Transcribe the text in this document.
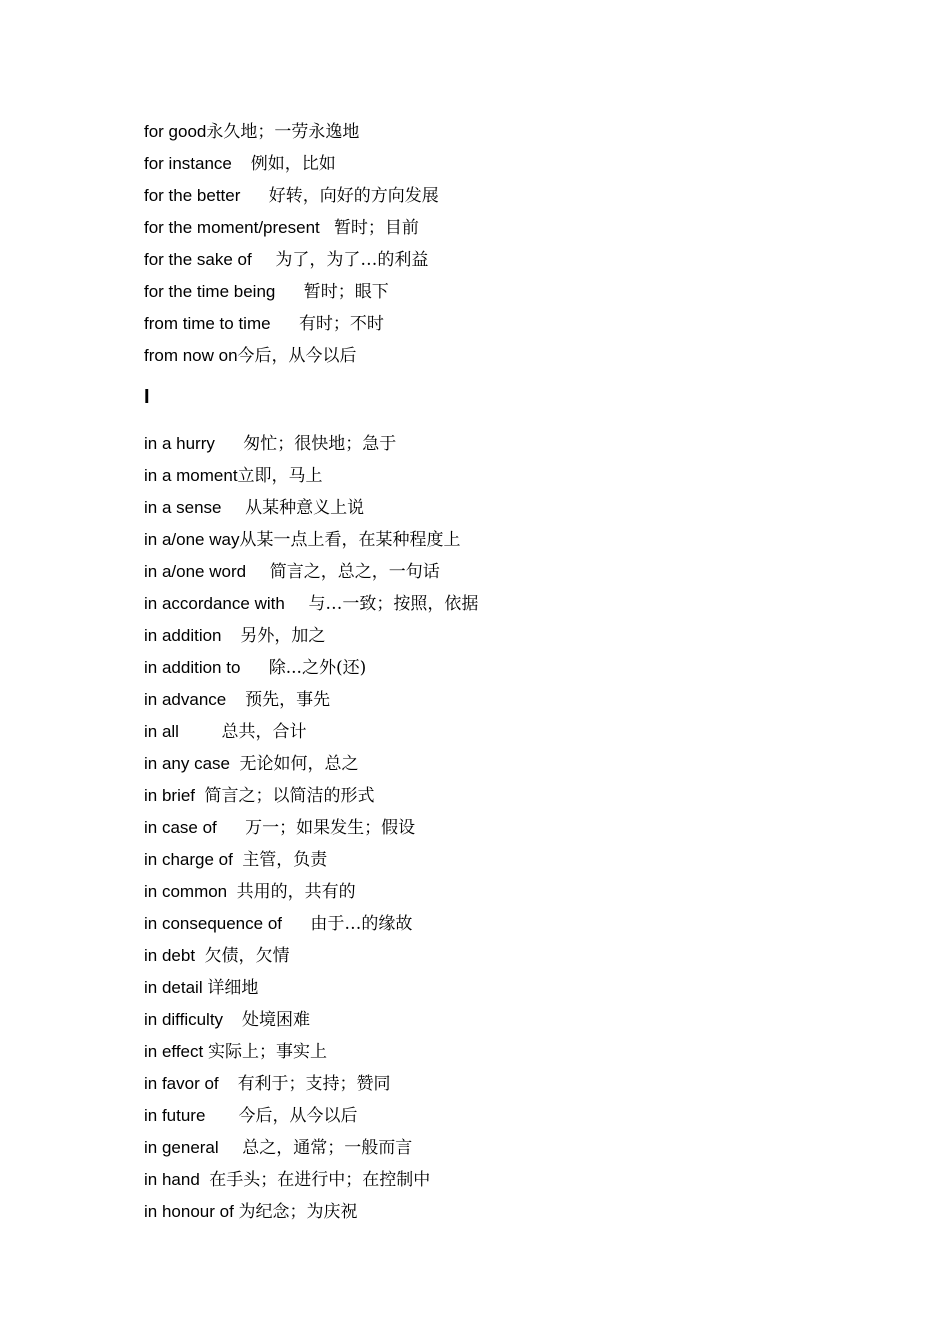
for good永久地；一劳永逸地
for instance 例如，比如
for the better 好转，向好的方向发展
for the moment/present 暂时；目前
for the sake of 为了，为了…的利益
for the time being 暂时；眼下
from time to time 有时；不时
from now on今后，从今以后
I
in a hurry 匆忙；很快地；急于
in a moment立即，马上
in a sense 从某种意义上说
in a/one way从某一点上看，在某种程度上
in a/one word 简言之，总之，一句话
in accordance with 与…一致；按照，依据
in addition 另外，加之
in addition to 除...之外(还)
in advance 预先，事先
in all	总共，合计
in any case 无论如何，总之
in brief 简言之；以简洁的形式
in case of 万一；如果发生；假设
in charge of 主管，负责
in common 共用的，共有的
in consequence of 由于…的缘故
in debt 欠债，欠情
in detail 详细地
in difficulty 处境困难
in effect 实际上；事实上
in favor of 有利于；支持；赞同
in future 今后，从今以后
in general 总之，通常；一般而言
in hand 在手头；在进行中；在控制中
in honour of 为纪念；为庆祝
